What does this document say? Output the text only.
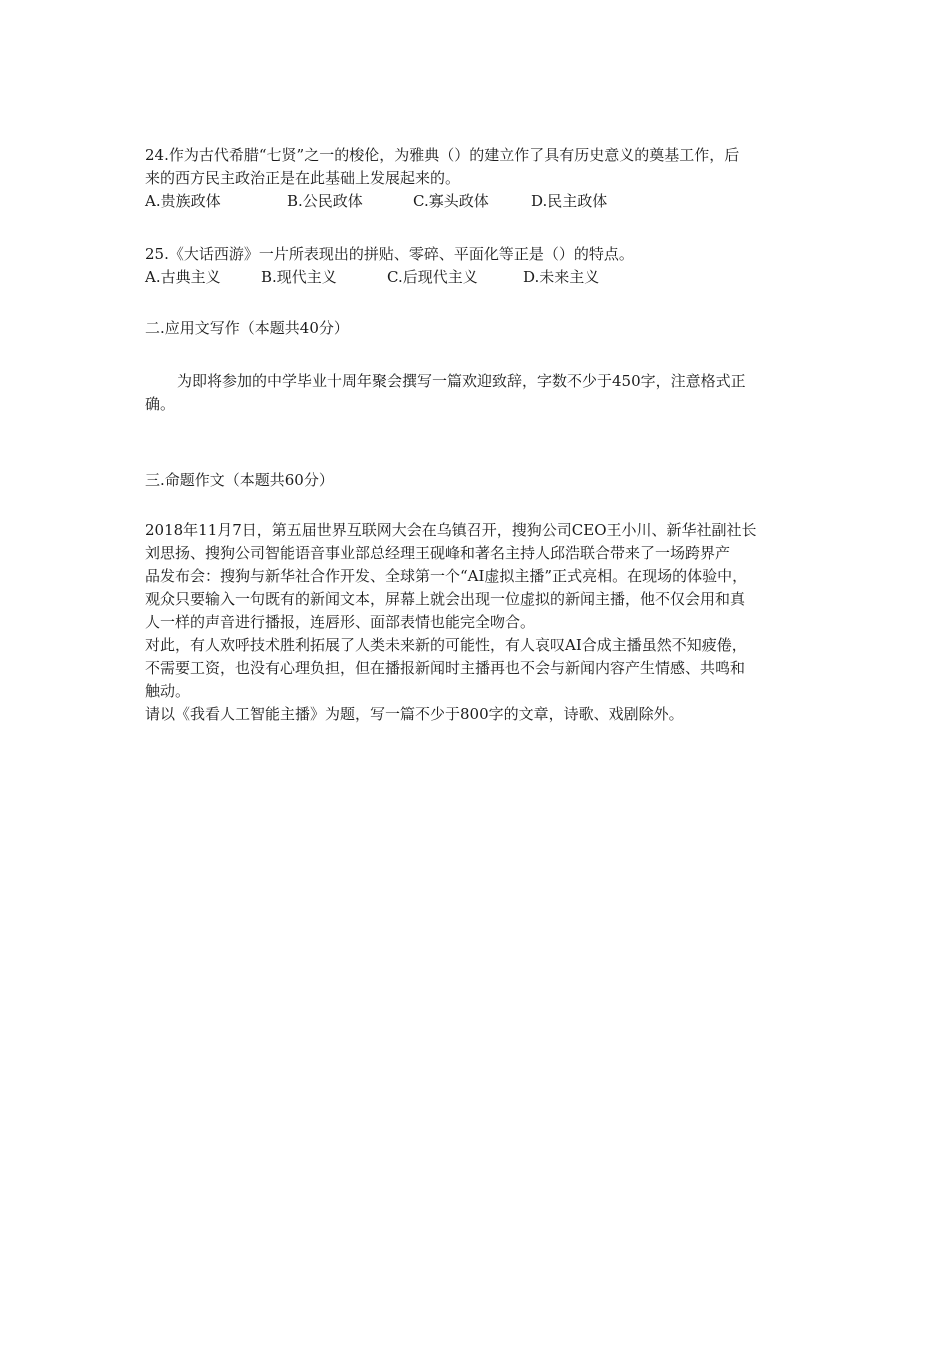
24.作为古代希腊“七贤”之一的梭伦，为雅典（）的建立作了具有历史意义的奠基工作，后
来的西方民主政治正是在此基础上发展起来的。
A.贵族政体	B.公民政体	C.寡头政体	D.民主政体
25.《大话西游》一片所表现出的拼贴、零碎、平面化等正是（）的特点。
A.古典主义	B.现代主义	C.后现代主义	D.未来主义
二.应用文写作（本题共40分）
为即将参加的中学毕业十周年聚会撰写一篇欢迎致辞，字数不少于450字，注意格式正
确。
三.命题作文（本题共60分）
2018年11月7日，第五届世界互联网大会在乌镇召开，搜狗公司CEO王小川、新华社副社长
刘思扬、搜狗公司智能语音事业部总经理王砚峰和著名主持人邱浩联合带来了一场跨界产
品发布会：搜狗与新华社合作开发、全球第一个“AI虚拟主播”正式亮相。在现场的体验中，
观众只要输入一句既有的新闻文本，屏幕上就会出现一位虚拟的新闻主播，他不仅会用和真
人一样的声音进行播报，连唇形、面部表情也能完全吻合。
对此，有人欢呼技术胜利拓展了人类未来新的可能性，有人哀叹AI合成主播虽然不知疲倦，
不需要工资，也没有心理负担，但在播报新闻时主播再也不会与新闻内容产生情感、共鸣和
触动。
请以《我看人工智能主播》为题，写一篇不少于800字的文章，诗歌、戏剧除外。
